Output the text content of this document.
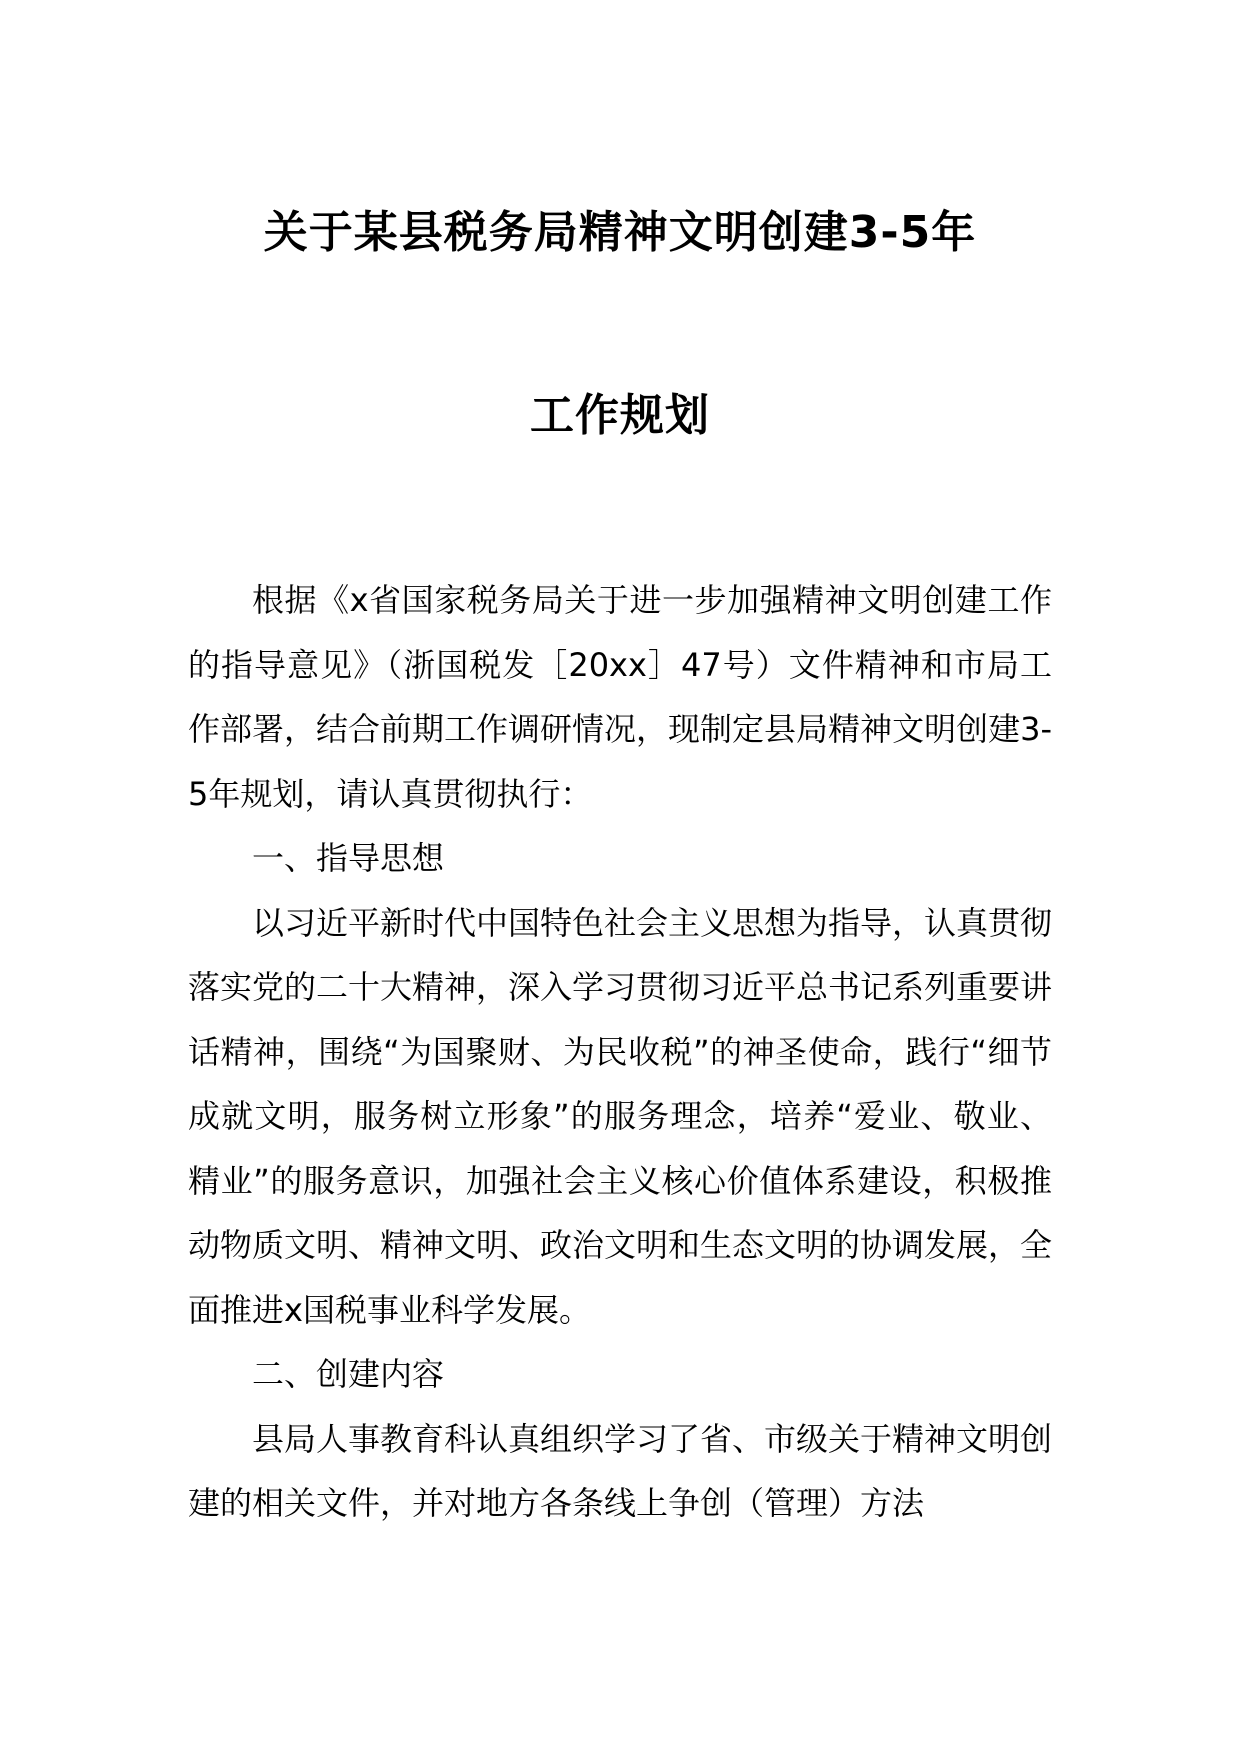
关于某县税务局精神文明创建3-5年
工作规划

根据《x省国家税务局关于进一步加强精神文明创建工作的指导意见》（浙国税发［20xx］47号）文件精神和市局工作部署，结合前期工作调研情况，现制定县局精神文明创建3-5年规划，请认真贯彻执行：

一、指导思想

以习近平新时代中国特色社会主义思想为指导，认真贯彻落实党的二十大精神，深入学习贯彻习近平总书记系列重要讲话精神，围绕“为国聚财、为民收税”的神圣使命，践行“细节成就文明，服务树立形象”的服务理念，培养“爱业、敬业、精业”的服务意识，加强社会主义核心价值体系建设，积极推动物质文明、精神文明、政治文明和生态文明的协调发展，全面推进x国税事业科学发展。

二、创建内容

县局人事教育科认真组织学习了省、市级关于精神文明创建的相关文件，并对地方各条线上争创（管理）方法
